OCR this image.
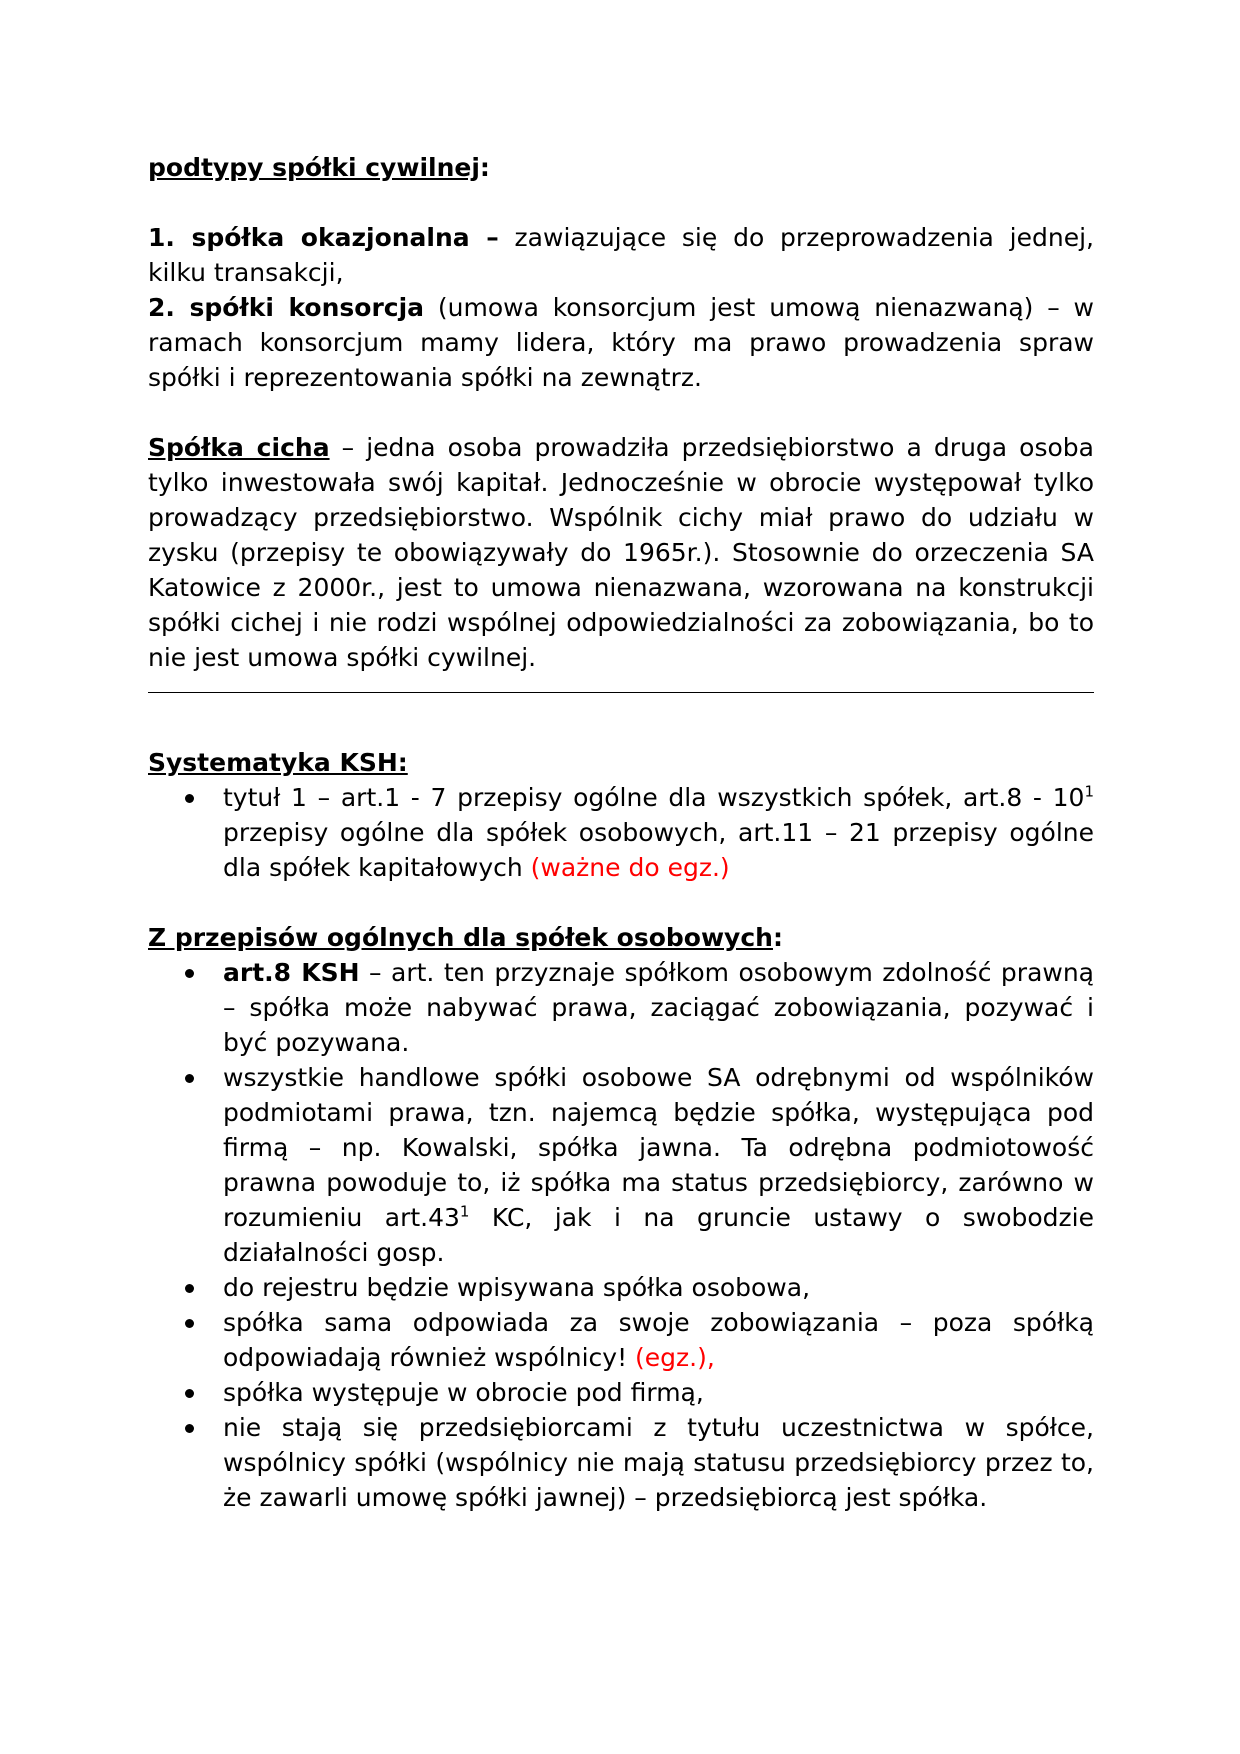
podtypy spółki cywilnej:

1. spółka okazjonalna – zawiązujące się do przeprowadzenia jednej, kilku transakcji,

2. spółki konsorcja (umowa konsorcjum jest umową nienazwaną) – w ramach konsorcjum mamy lidera, który ma prawo prowadzenia spraw spółki i reprezentowania spółki na zewnątrz.

Spółka cicha – jedna osoba prowadziła przedsiębiorstwo a druga osoba tylko inwestowała swój kapitał. Jednocześnie w obrocie występował tylko prowadzący przedsiębiorstwo. Wspólnik cichy miał prawo do udziału w zysku (przepisy te obowiązywały do 1965r.). Stosownie do orzeczenia SA Katowice z 2000r., jest to umowa nienazwana, wzorowana na konstrukcji spółki cichej i nie rodzi wspólnej odpowiedzialności za zobowiązania, bo to nie jest umowa spółki cywilnej.

Systematyka KSH:

tytuł 1 – art.1 - 7 przepisy ogólne dla wszystkich spółek, $art.8 - 10^1$ przepisy ogólne dla spółek osobowych, art.11 – 21 przepisy ogólne dla spółek kapitałowych (ważne do egz.)

Z przepisów ogólnych dla spółek osobowych:

art.8 KSH – art. ten przyznaje spółkom osobowym zdolność prawną – spółka może nabywać prawa, zaciągać zobowiązania, pozywać i być pozywana.
wszystkie handlowe spółki osobowe SA odrębnymi od wspólników podmiotami prawa, tzn. najemcą będzie spółka, występująca pod firmą – np. Kowalski, spółka jawna. Ta odrębna podmiotowość prawna powoduje to, iż spółka ma status przedsiębiorcy, zarówno w rozumieniu $art.43^1$ KC, jak i na gruncie ustawy o swobodzie działalności gosp.
do rejestru będzie wpisywana spółka osobowa,
spółka sama odpowiada za swoje zobowiązania – poza spółką odpowiadają również wspólnicy! (egz.),
spółka występuje w obrocie pod firmą,
nie stają się przedsiębiorcami z tytułu uczestnictwa w spółce, wspólnicy spółki (wspólnicy nie mają statusu przedsiębiorcy przez to, że zawarli umowę spółki jawnej) – przedsiębiorcą jest spółka.
